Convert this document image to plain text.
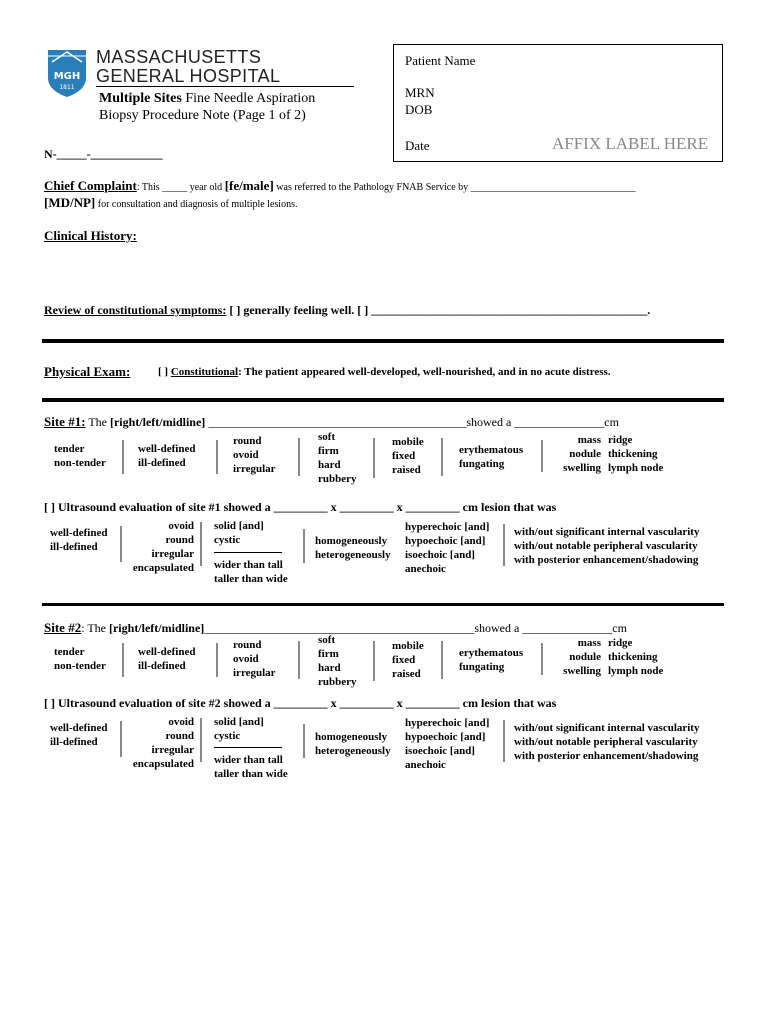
MGH
1811
MASSACHUSETTS
GENERAL HOSPITAL
Multiple Sites Fine Needle Aspiration
Biopsy Procedure Note (Page 1 of 2)
N-_____-____________
Patient Name
MRN
DOB
Date	AFFIX LABEL HERE
Chief Complaint: This _____ year old [fe/male] was referred to the Pathology FNAB Service by _________________________________
[MD/NP] for consultation and diagnosis of multiple lesions.
Clinical History:
Review of constitutional symptoms: [ ] generally feeling well. [ ] ______________________________________________.
Physical Exam:	[ ] Constitutional: The patient appeared well-developed, well-nourished, and in no acute distress.
Site #1: The [right/left/midline] ___________________________________________showed a _______________cm
tender
non-tender
well-defined
ill-defined
round
ovoid
irregular
soft
firm
hard
rubbery
mobile
fixed
raised
erythematous
fungating
mass
nodule
swelling
ridge
thickening
lymph node
[ ] Ultrasound evaluation of site #1 showed a _________ x _________ x _________ cm lesion that was
well-defined
ill-defined
ovoid
round
irregular
encapsulated
solid [and]
cystic
wider than tall
taller than wide
homogeneously
heterogeneously
hyperechoic [and]
hypoechoic [and]
isoechoic [and]
anechoic
with/out significant internal vascularity
with/out notable peripheral vascularity
with posterior enhancement/shadowing
Site #2: The [right/left/midline]_____________________________________________showed a _______________cm
tender
non-tender
well-defined
ill-defined
round
ovoid
irregular
soft
firm
hard
rubbery
mobile
fixed
raised
erythematous
fungating
mass
nodule
swelling
ridge
thickening
lymph node
[ ] Ultrasound evaluation of site #2 showed a _________ x _________ x _________ cm lesion that was
well-defined
ill-defined
ovoid
round
irregular
encapsulated
solid [and]
cystic
wider than tall
taller than wide
homogeneously
heterogeneously
hyperechoic [and]
hypoechoic [and]
isoechoic [and]
anechoic
with/out significant internal vascularity
with/out notable peripheral vascularity
with posterior enhancement/shadowing
